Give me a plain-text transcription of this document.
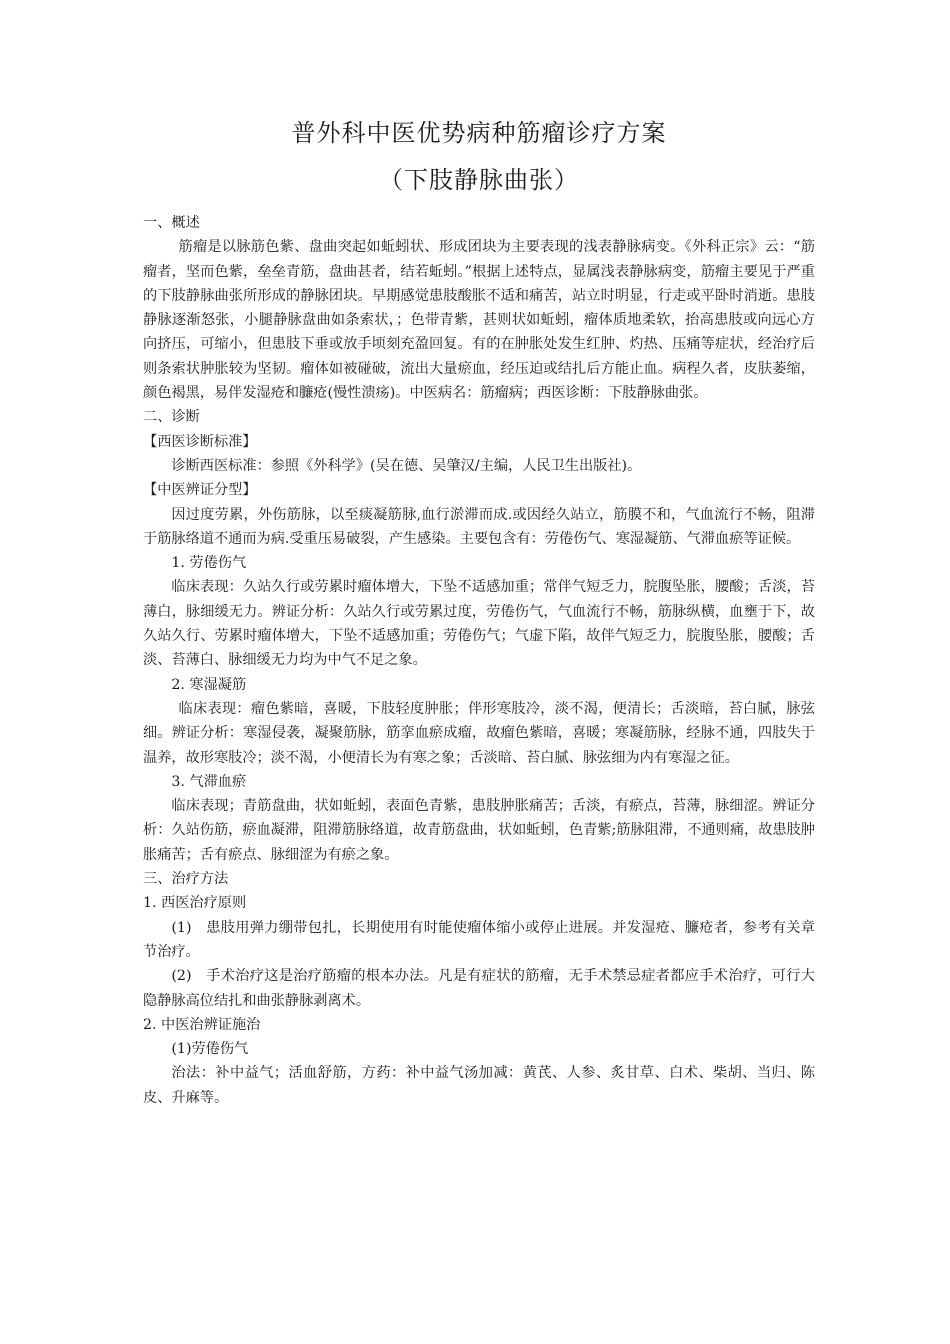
普外科中医优势病种筋瘤诊疗方案
（下肢静脉曲张）

一、概述

筋瘤是以脉筋色紫、盘曲突起如蚯蚓状、形成团块为主要表现的浅表静脉病变。《外科正宗》云：“筋瘤者，坚而色紫，垒垒青筋，盘曲甚者，结若蚯蚓。”根据上述特点，显属浅表静脉病变，筋瘤主要见于严重的下肢静脉曲张所形成的静脉团块。早期感觉患肢酸胀不适和痛苦，站立时明显，行走或平卧时消逝。患肢静脉逐渐怒张，小腿静脉盘曲如条索状，；色带青紫，甚则状如蚯蚓，瘤体质地柔软，抬高患肢或向远心方向挤压，可缩小，但患肢下垂或放手顷刻充盈回复。有的在肿胀处发生红肿、灼热、压痛等症状，经治疗后则条索状肿胀较为坚韧。瘤体如被碰破，流出大量瘀血，经压迫或结扎后方能止血。病程久者，皮肤萎缩，颜色褐黑，易伴发湿疮和臁疮(慢性溃疡)。中医病名：筋瘤病；西医诊断：下肢静脉曲张。

二、诊断

【西医诊断标准】

诊断西医标准：参照《外科学》(吴在德、吴肇汉/主编，人民卫生出版社)。

【中医辨证分型】

因过度劳累，外伤筋脉，以至痰凝筋脉,血行淤滞而成.或因经久站立，筋膜不和，气血流行不畅，阻滞于筋脉络道不通而为病.受重压易破裂，产生感染。主要包含有：劳倦伤气、寒湿凝筋、气滞血瘀等证候。

1. 劳倦伤气

临床表现：久站久行或劳累时瘤体增大，下坠不适感加重；常伴气短乏力，脘腹坠胀，腰酸；舌淡，苔薄白，脉细缓无力。辨证分析：久站久行或劳累过度，劳倦伤气，气血流行不畅，筋脉纵横，血壅于下，故久站久行、劳累时瘤体增大，下坠不适感加重；劳倦伤气；气虚下陷，故伴气短乏力，脘腹坠胀，腰酸；舌淡、苔薄白、脉细缓无力均为中气不足之象。

2. 寒湿凝筋

临床表现：瘤色紫暗，喜暖，下肢轻度肿胀；伴形寒肢冷，淡不渴，便清长；舌淡暗，苔白腻，脉弦细。辨证分析：寒湿侵袭，凝聚筋脉，筋挛血瘀成瘤，故瘤色紫暗，喜暖；寒凝筋脉，经脉不通，四肢失于温养，故形寒肢冷；淡不渴，小便清长为有寒之象；舌淡暗、苔白腻、脉弦细为内有寒湿之征。

3. 气滞血瘀

临床表现；青筋盘曲，状如蚯蚓，表面色青紫，患肢肿胀痛苦；舌淡，有瘀点，苔薄，脉细涩。辨证分析：久站伤筋，瘀血凝滞，阻滞筋脉络道，故青筋盘曲，状如蚯蚓，色青紫;筋脉阻滞，不通则痛，故患肢肿胀痛苦；舌有瘀点、脉细涩为有瘀之象。

三、治疗方法

1. 西医治疗原则

(1)　患肢用弹力绷带包扎，长期使用有时能使瘤体缩小或停止进展。并发湿疮、臁疮者，参考有关章节治疗。

(2)　手术治疗这是治疗筋瘤的根本办法。凡是有症状的筋瘤，无手术禁忌症者都应手术治疗，可行大隐静脉高位结扎和曲张静脉剥离术。

2. 中医治辨证施治

(1)劳倦伤气

治法：补中益气；活血舒筋，方药：补中益气汤加减：黄芪、人参、炙甘草、白术、柴胡、当归、陈皮、升麻等。
